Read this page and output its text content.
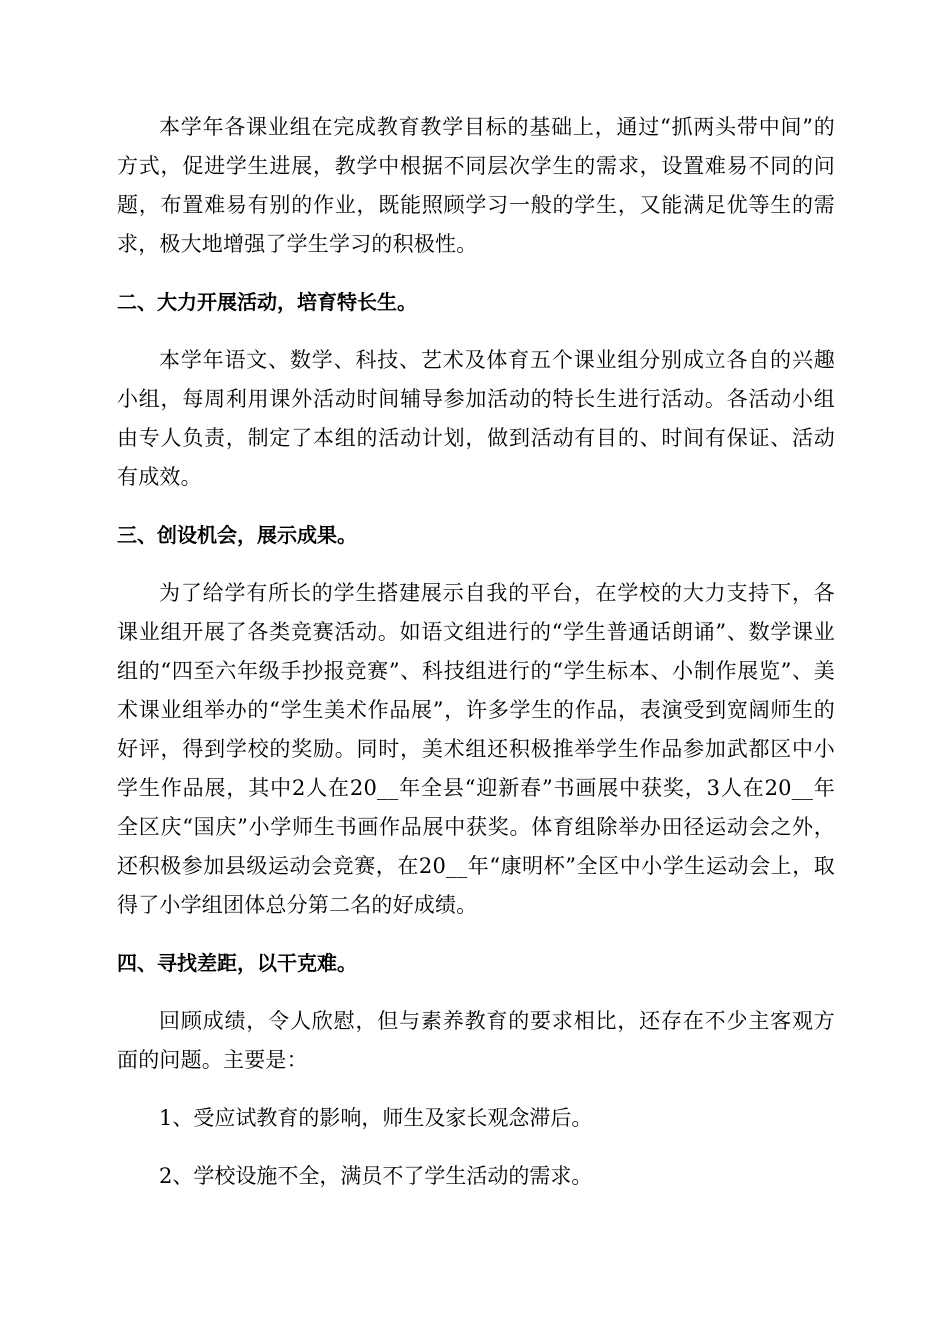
本学年各课业组在完成教育教学目标的基础上，通过“抓两头带中间”的方式，促进学生进展，教学中根据不同层次学生的需求，设置难易不同的问题，布置难易有别的作业，既能照顾学习一般的学生，又能满足优等生的需求，极大地增强了学生学习的积极性。

二、大力开展活动，培育特长生。

本学年语文、数学、科技、艺术及体育五个课业组分别成立各自的兴趣小组，每周利用课外活动时间辅导参加活动的特长生进行活动。各活动小组由专人负责，制定了本组的活动计划，做到活动有目的、时间有保证、活动有成效。

三、创设机会，展示成果。

为了给学有所长的学生搭建展示自我的平台，在学校的大力支持下，各课业组开展了各类竞赛活动。如语文组进行的“学生普通话朗诵”、数学课业组的“四至六年级手抄报竞赛”、科技组进行的“学生标本、小制作展览”、美术课业组举办的“学生美术作品展”，许多学生的作品，表演受到宽阔师生的好评，得到学校的奖励。同时，美术组还积极推举学生作品参加武都区中小学生作品展，其中2人在20__年全县“迎新春”书画展中获奖，3人在20__年全区庆“国庆”小学师生书画作品展中获奖。体育组除举办田径运动会之外，还积极参加县级运动会竞赛，在20__年“康明杯”全区中小学生运动会上，取得了小学组团体总分第二名的好成绩。

四、寻找差距，以干克难。

回顾成绩，令人欣慰，但与素养教育的要求相比，还存在不少主客观方面的问题。主要是：

1、受应试教育的影响，师生及家长观念滞后。

2、学校设施不全，满员不了学生活动的需求。
